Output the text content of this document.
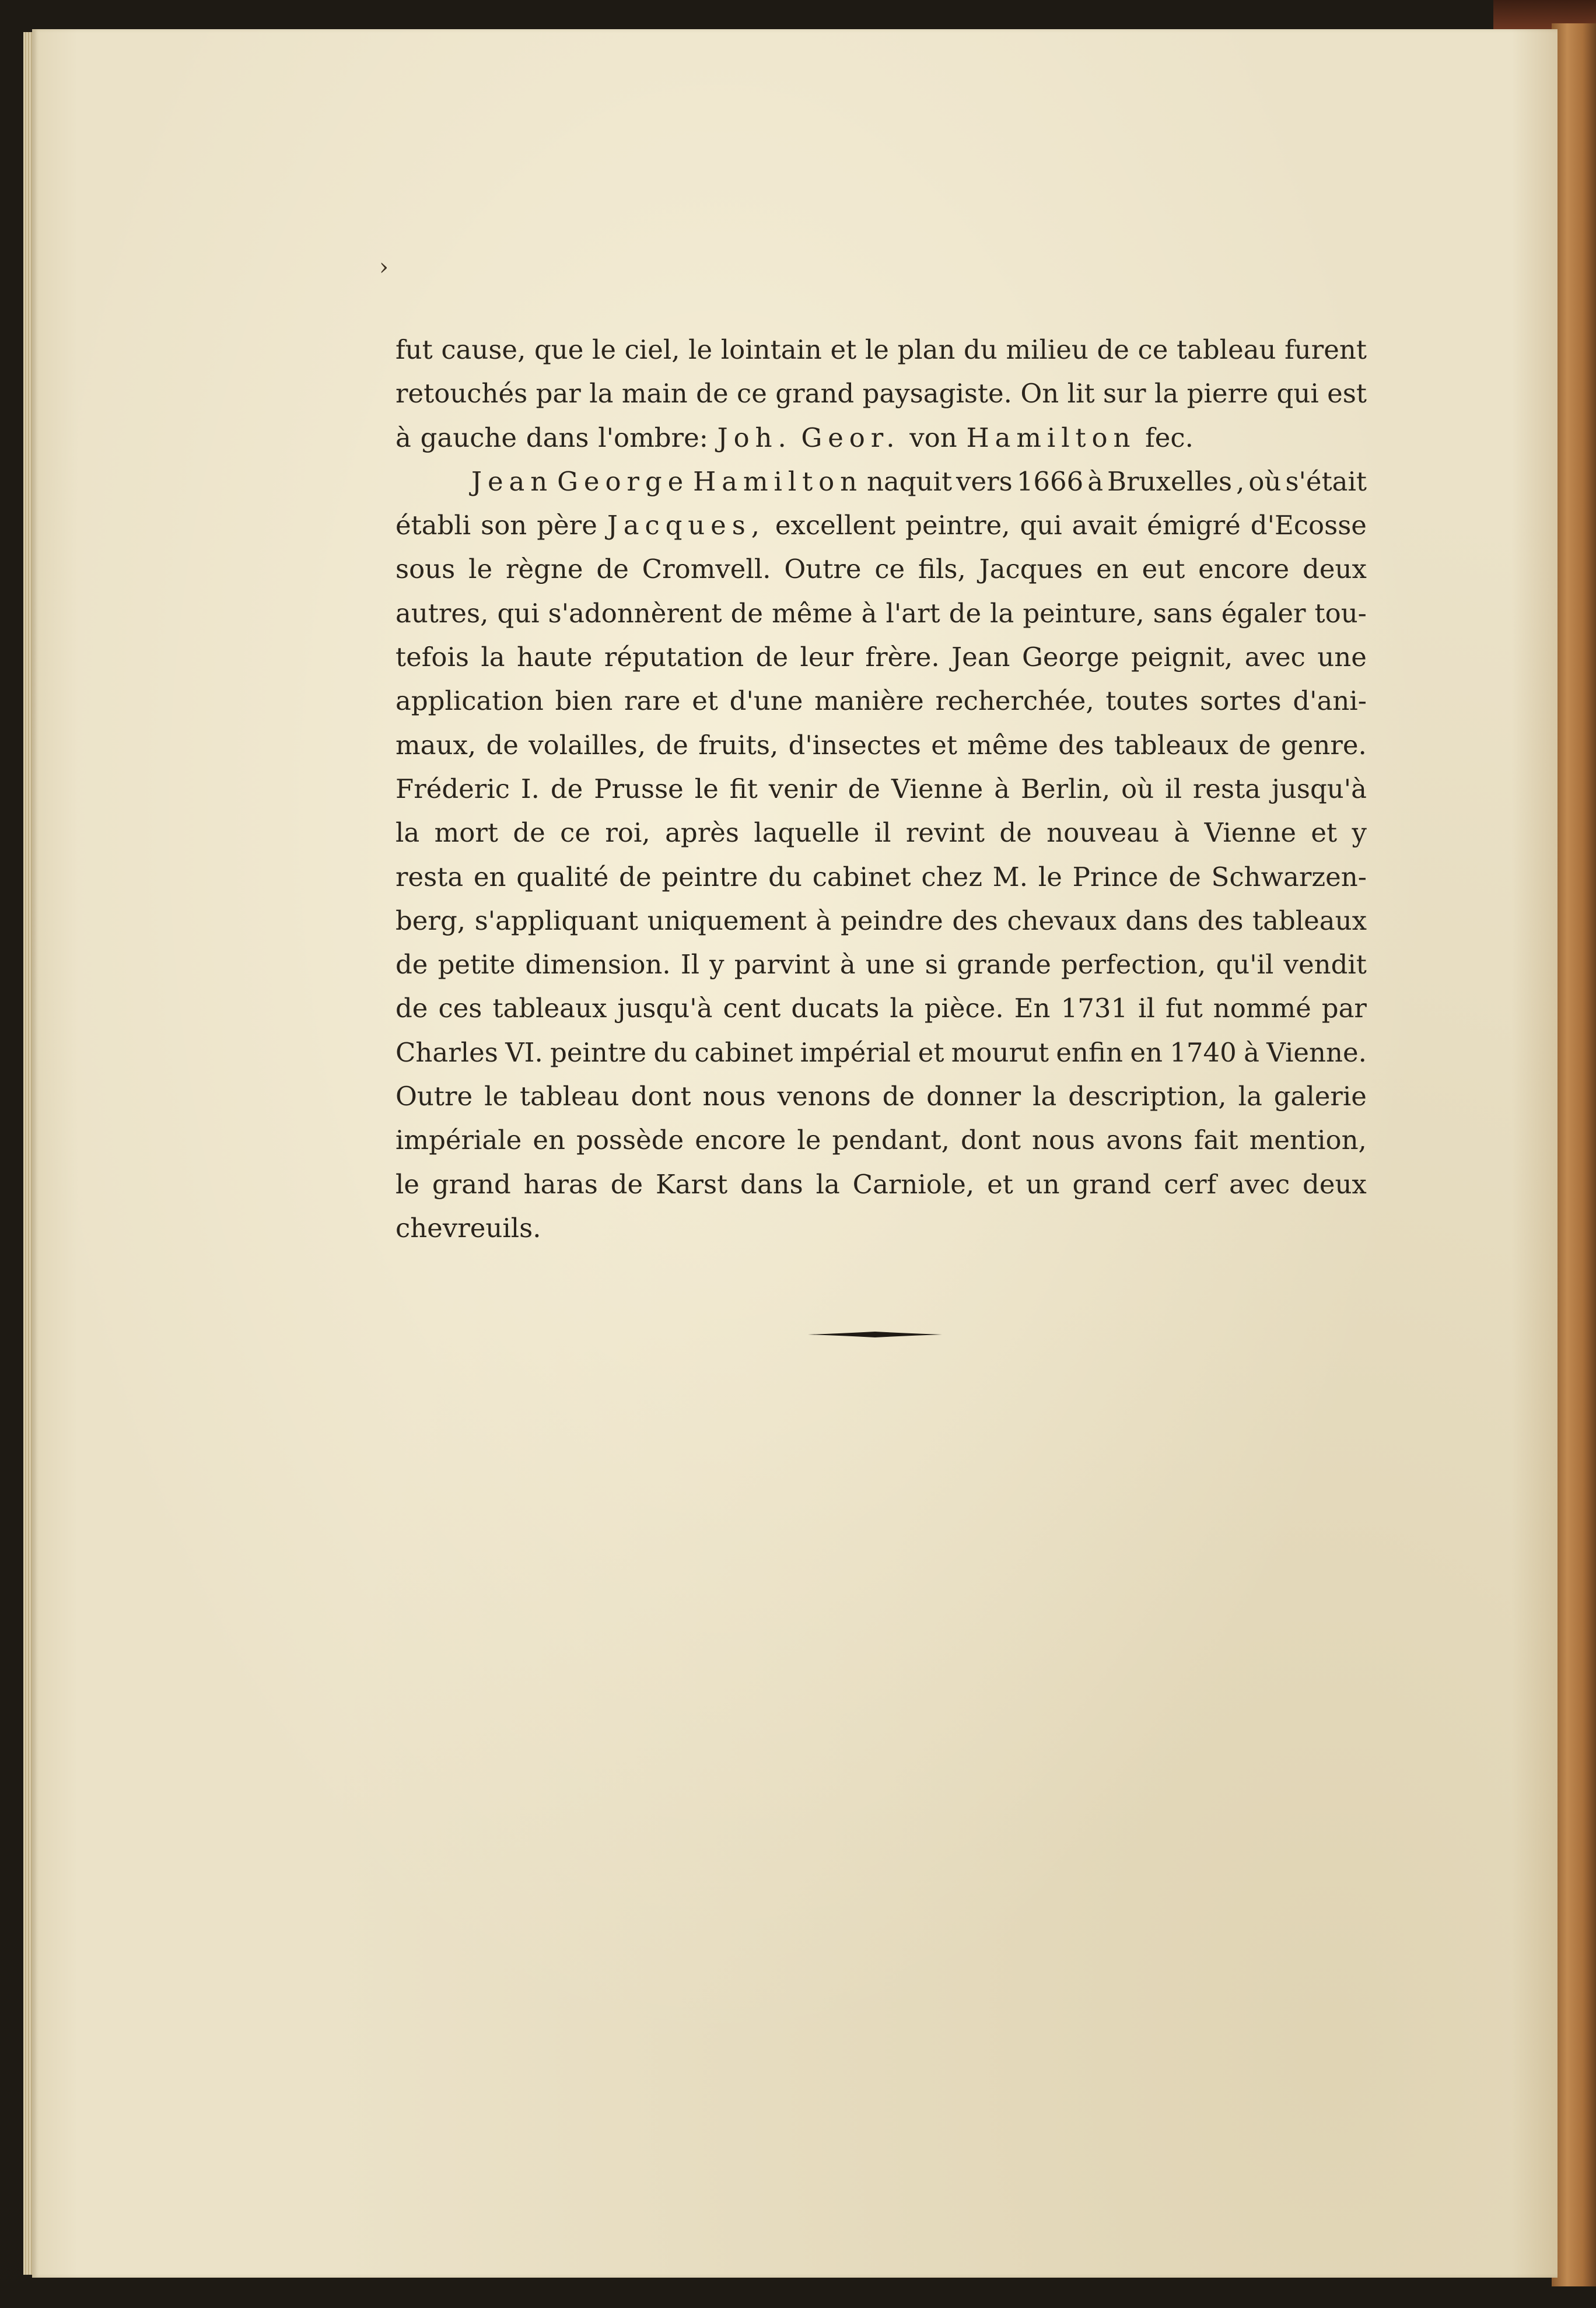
›
fut cause, que le ciel, le lointain et le plan du milieu de ce tableau furent
retouchés par la main de ce grand paysagiste. On lit sur la pierre qui est
à gauche dans l'ombre: Joh. Geor. von Hamilton fec.
Jean George Hamilton naquit vers 1666 à Bruxelles , où s'était
établi son père Jacques, excellent peintre, qui avait émigré d'Ecosse
sous le règne de Cromvell. Outre ce fils, Jacques en eut encore deux
autres, qui s'adonnèrent de même à l'art de la peinture, sans égaler tou-
tefois la haute réputation de leur frère. Jean George peignit, avec une
application bien rare et d'une manière recherchée, toutes sortes d'ani-
maux, de volailles, de fruits, d'insectes et même des tableaux de genre.
Fréderic I. de Prusse le fit venir de Vienne à Berlin, où il resta jusqu'à
la mort de ce roi, après laquelle il revint de nouveau à Vienne et y
resta en qualité de peintre du cabinet chez M. le Prince de Schwarzen-
berg, s'appliquant uniquement à peindre des chevaux dans des tableaux
de petite dimension. Il y parvint à une si grande perfection, qu'il vendit
de ces tableaux jusqu'à cent ducats la pièce. En 1731 il fut nommé par
Charles VI. peintre du cabinet impérial et mourut enfin en 1740 à Vienne.
Outre le tableau dont nous venons de donner la description, la galerie
impériale en possède encore le pendant, dont nous avons fait mention,
le grand haras de Karst dans la Carniole, et un grand cerf avec deux
chevreuils.
